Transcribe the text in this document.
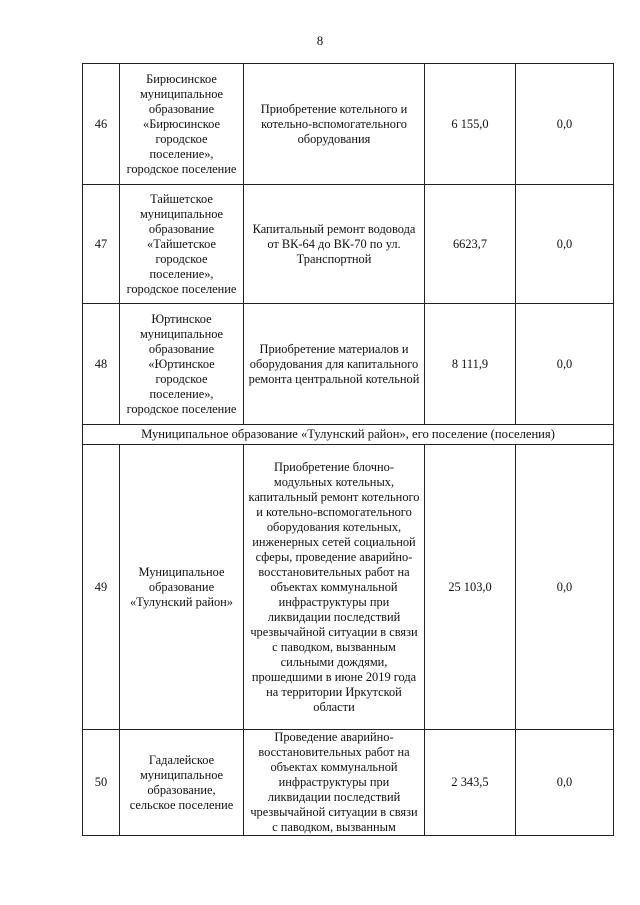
8
46	Бирюсинское муниципальное образование «Бирюсинское городское поселение», городское поселение	Приобретение котельного и котельно-вспомогательного оборудования	6 155,0	0,0
47	Тайшетское муниципальное образование «Тайшетское городское поселение», городское поселение	Капитальный ремонт водовода от ВК-64 до ВК-70 по ул. Транспортной	6623,7	0,0
48	Юртинское муниципальное образование «Юртинское городское поселение», городское поселение	Приобретение материалов и оборудования для капитального ремонта центральной котельной	8 111,9	0,0
Муниципальное образование «Тулунский район», его поселение (поселения)				
49	Муниципальное образование «Тулунский район»	Приобретение блочно-модульных котельных, капитальный ремонт котельного и котельно-вспомогательного оборудования котельных, инженерных сетей социальной сферы, проведение аварийно-восстановительных работ на объектах коммунальной инфраструктуры при ликвидации последствий чрезвычайной ситуации в связи с паводком, вызванным сильными дождями, прошедшими в июне 2019 года на территории Иркутской области	25 103,0	0,0
50	Гадалейское муниципальное образование, сельское поселение	Проведение аварийно-восстановительных работ на объектах коммунальной инфраструктуры при ликвидации последствий чрезвычайной ситуации в связи с паводком, вызванным	2 343,5	0,0
